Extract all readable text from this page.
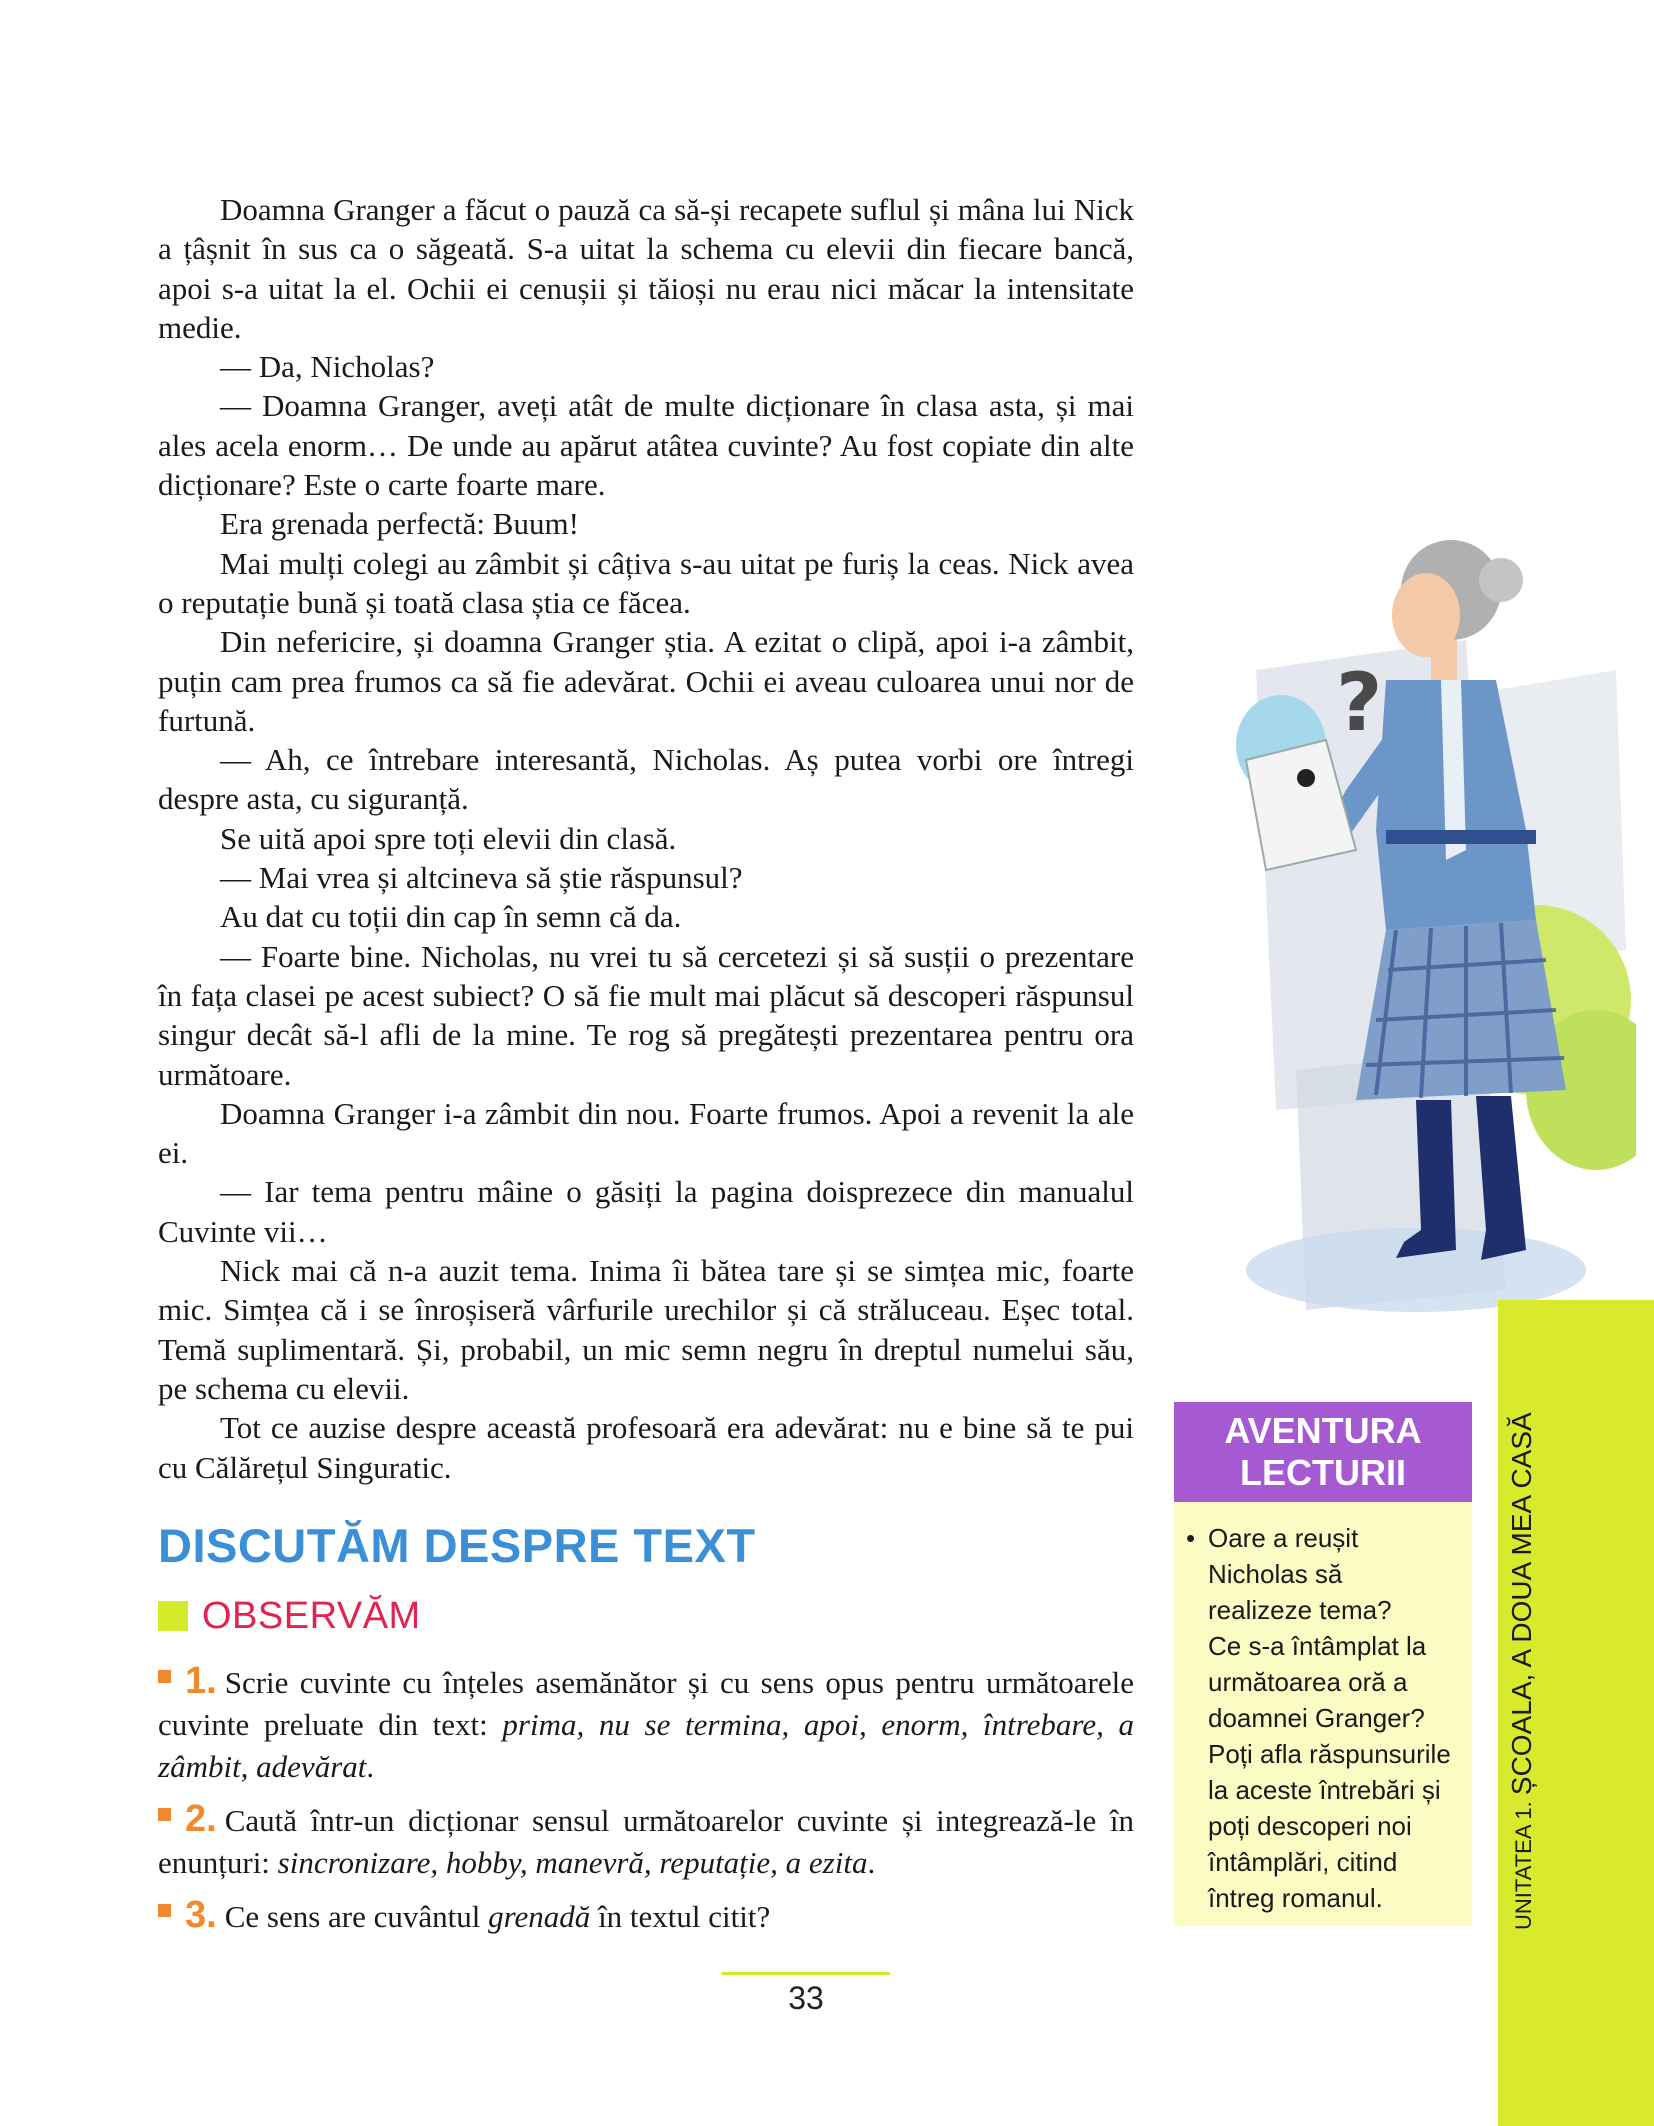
Doamna Granger a făcut o pauză ca să-și recapete suflul și mâna lui Nick a țâșnit în sus ca o săgeată. S-a uitat la schema cu elevii din fiecare bancă, apoi s-a uitat la el. Ochii ei cenușii și tăioși nu erau nici măcar la intensitate medie.

— Da, Nicholas?

— Doamna Granger, aveți atât de multe dicționare în clasa asta, și mai ales acela enorm… De unde au apărut atâtea cuvinte? Au fost copiate din alte dicționare? Este o carte foarte mare.

Era grenada perfectă: Buum!

Mai mulți colegi au zâmbit și câțiva s-au uitat pe furiș la ceas. Nick avea o reputație bună și toată clasa știa ce făcea.

Din nefericire, și doamna Granger știa. A ezitat o clipă, apoi i-a zâmbit, puțin cam prea frumos ca să fie adevărat. Ochii ei aveau culoarea unui nor de furtună.

— Ah, ce întrebare interesantă, Nicholas. Aș putea vorbi ore întregi despre asta, cu siguranță.

Se uită apoi spre toți elevii din clasă.

— Mai vrea și altcineva să știe răspunsul?

Au dat cu toții din cap în semn că da.

— Foarte bine. Nicholas, nu vrei tu să cercetezi și să susții o prezentare în fața clasei pe acest subiect? O să fie mult mai plăcut să descoperi răspunsul singur decât să-l afli de la mine. Te rog să pregătești prezentarea pentru ora următoare.

Doamna Granger i-a zâmbit din nou. Foarte frumos. Apoi a revenit la ale ei.

— Iar tema pentru mâine o găsiți la pagina doisprezece din manualul Cuvinte vii…

Nick mai că n-a auzit tema. Inima îi bătea tare și se simțea mic, foarte mic. Simțea că i se înroșiseră vârfurile urechilor și că străluceau. Eșec total. Temă suplimentară. Și, probabil, un mic semn negru în dreptul numelui său, pe schema cu elevii.

Tot ce auzise despre această profesoară era adevărat: nu e bine să te pui cu Călărețul Singuratic.

DISCUTĂM DESPRE TEXT
OBSERVĂM

1. Scrie cuvinte cu înțeles asemănător și cu sens opus pentru următoarele cuvinte preluate din text: prima, nu se termina, apoi, enorm, întrebare, a zâmbit, adevărat.

2. Caută într-un dicționar sensul următoarelor cuvinte și integrează-le în enunțuri: sincronizare, hobby, manevră, reputație, a ezita.

3. Ce sens are cuvântul grenadă în textul citit?

33
?
UNITATEA 1. ȘCOALA, A DOUA MEA CASĂ
AVENTURA
LECTURII
• Oare a reușit
Nicholas să
realizeze tema?
Ce s-a întâmplat la
următoarea oră a
doamnei Granger?
Poți afla răspunsurile
la aceste întrebări și
poți descoperi noi
întâmplări, citind
întreg romanul.
